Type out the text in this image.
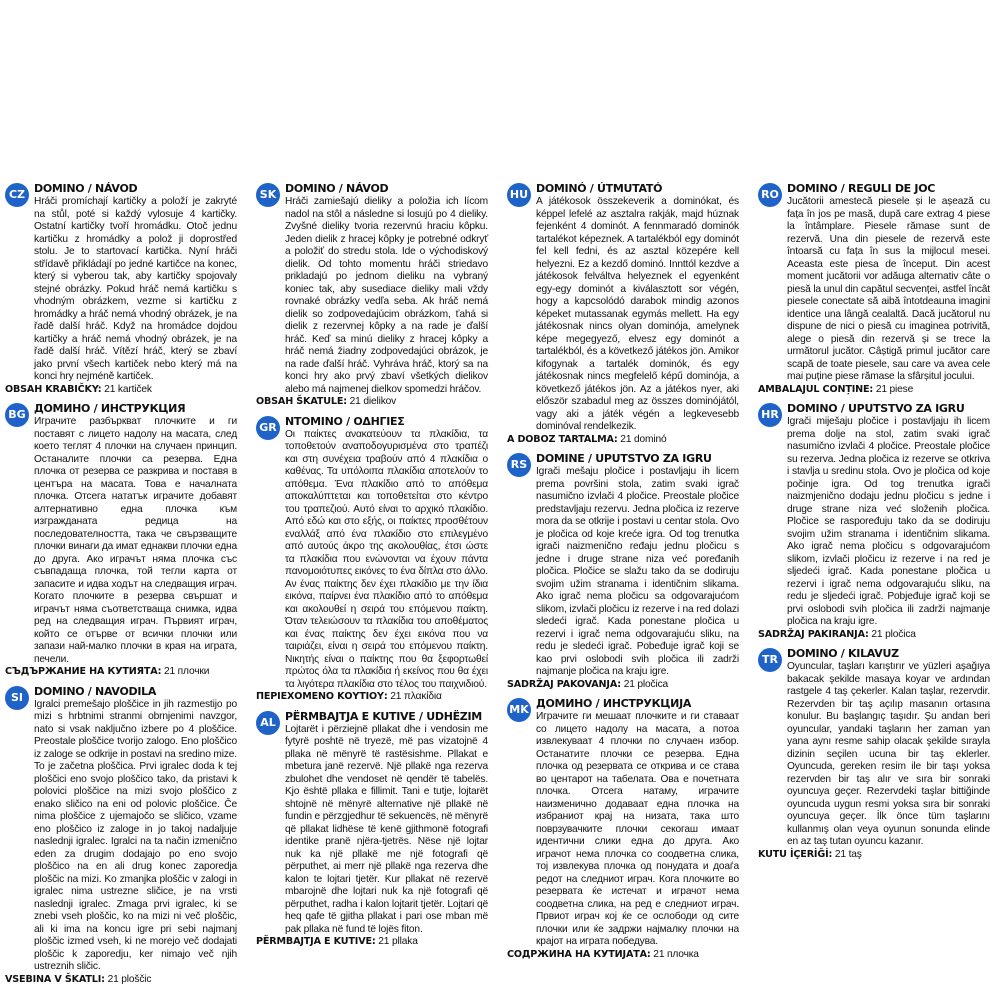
CZ DOMINO / NÁVOD
Hráči promíchají kartičky a položí je zakryté na stůl, poté si každý vylosuje 4 kartičky. Ostatní kartičky tvoří hromádku. Otoč jednu kartičku z hromádky a polož ji doprostřed stolu. Je to startovací kartička. Nyní hráči střídavě přikládají po jedné kartičce na konec, který si vyberou tak, aby kartičky spojovaly stejné obrázky. Pokud hráč nemá kartičku s vhodným obrázkem, vezme si kartičku z hromádky a hráč nemá vhodný obrázek, je na řadě další hráč. Když na hromádce dojdou kartičky a hráč nemá vhodný obrázek, je na řadě další hráč. Vítězí hráč, který se zbaví jako první všech kartiček nebo který má na konci hry nejméně kartiček.
OBSAH KRABIČKY: 21 kartiček
BG ДОМИНО / ИНСТРУКЦИЯ
Играчите разбъркват плочките и ги поставят с лицето надолу на масата, след което теглят 4 плочки на случаен принцип. Останалите плочки са резерва. Една плочка от резерва се разкрива и поставя в центъра на масата. Това е началната плочка. Отсега нататък играчите добавят алтернативно една плочка към изгражданата редица на последователността, така че свързващите плочки винаги да имат еднакви плочки една до друга. Ако играчът няма плочка със съвпадаща плочка, той тегли карта от запасите и идва ходът на следващия играч. Когато плочките в резерва свършат и играчът няма съответстваща снимка, идва ред на следващия играч. Първият играч, който се отърве от всички плочки или запази най-малко плочки в края на играта, печели.
СЪДЪРЖАНИЕ НА КУТИЯТА: 21 плочки
SI	DOMINO / NAVODILA
Igralci premešajo ploščice in jih razmestijo po mizi s hrbtnimi stranmi obrnjenimi navzgor, nato si vsak naključno izbere po 4 ploščice. Preostale ploščice tvorijo zalogo. Eno ploščico iz zaloge se odkrije in postavi na sredino mize. To je začetna ploščica. Prvi igralec doda k tej ploščici eno svojo ploščico tako, da pristavi k polovici ploščice na mizi svojo ploščico z enako sličico na eni od polovic ploščice. Če nima ploščice z ujemajočo se sličico, vzame eno ploščico iz zaloge in jo takoj nadaljuje naslednji igralec. Igralci na ta način izmenično eden za drugim dodajajo po eno svojo ploščico na en ali drug konec zaporedja ploščic na mizi. Ko zmanjka ploščic v zalogi in igralec nima ustrezne sličice, je na vrsti naslednji igralec. Zmaga prvi igralec, ki se znebi vseh ploščic, ko na mizi ni več ploščic, ali ki ima na koncu igre pri sebi najmanj ploščic izmed vseh, ki ne morejo več dodajati ploščic k zaporedju, ker nimajo več njih ustreznih sličic.
VSEBINA V ŠKATLI: 21 ploščic
SK DOMINO / NÁVOD
Hráči zamiešajú dieliky a položia ich lícom nadol na stôl a následne si losujú po 4 dieliky. Zvyšné dieliky tvoria rezervnú hraciu kôpku. Jeden dielik z hracej kôpky je potrebné odkryť a položiť do stredu stola. Ide o východiskový dielik. Od tohto momentu hráči striedavo prikladajú po jednom dieliku na vybraný koniec tak, aby susediace dieliky mali vždy rovnaké obrázky vedľa seba. Ak hráč nemá dielik so zodpovedajúcim obrázkom, ťahá si dielik z rezervnej kôpky a na rade je ďalší hráč. Keď sa minú dieliky z hracej kôpky a hráč nemá žiadny zodpovedajúci obrázok, je na rade ďalší hráč. Vyhráva hráč, ktorý sa na konci hry ako prvý zbaví všetkých dielikov alebo má najmenej dielkov spomedzi hráčov.
OBSAH ŠKATULE: 21 dielikov
GR ΝΤΟΜΙΝΟ / ΟΔΗΓΙΕΣ
Οι παίκτες ανακατεύουν τα πλακίδια, τα τοποθετούν αναποδογυρισμένα στο τραπέζι και στη συνέχεια τραβούν από 4 πλακίδια ο καθένας. Τα υπόλοιπα πλακίδια αποτελούν το απόθεμα. Ένα πλακίδιο από το απόθεμα αποκαλύπτεται και τοποθετείται στο κέντρο του τραπεζιού. Αυτό είναι το αρχικό πλακίδιο. Από εδώ και στο εξής, οι παίκτες προσθέτουν εναλλάξ από ένα πλακίδιο στο επιλεγμένο από αυτούς άκρο της ακολουθίας, έτσι ώστε τα πλακίδια που ενώνονται να έχουν πάντα πανομοιότυπες εικόνες το ένα δίπλα στο άλλο. Αν ένας παίκτης δεν έχει πλακίδιο με την ίδια εικόνα, παίρνει ένα πλακίδιο από το απόθεμα και ακολουθεί η σειρά του επόμενου παίκτη. Όταν τελειώσουν τα πλακίδια του αποθέματος και ένας παίκτης δεν έχει εικόνα που να ταιριάζει, είναι η σειρά του επόμενου παίκτη. Νικητής είναι ο παίκτης που θα ξεφορτωθεί πρώτος όλα τα πλακίδια ή εκείνος που θα έχει τα λιγότερα πλακίδια στο τέλος του παιχνιδιού.
ΠΕΡΙΕΧΟΜΕΝΟ ΚΟΥΤΙΟΥ: 21 πλακίδια
AL PËRMBAJTJA E KUTIVE / UDHËZIM
Lojtarët i përziejnë pllakat dhe i vendosin me fytyrë poshtë në tryezë, më pas vizatojnë 4 pllaka në mënyrë të rastësishme. Pllakat e mbetura janë rezervë. Një pllakë nga rezerva zbulohet dhe vendoset në qendër të tabelës. Kjo është pllaka e fillimit. Tani e tutje, lojtarët shtojnë në mënyrë alternative një pllakë në fundin e përzgjedhur të sekuencës, në mënyrë që pllakat lidhëse të kenë gjithmonë fotografi identike pranë njëra-tjetrës. Nëse një lojtar nuk ka një pllakë me një fotografi që përputhet, ai merr një pllakë nga rezerva dhe kalon te lojtari tjetër. Kur pllakat në rezervë mbarojnë dhe lojtari nuk ka një fotografi që përputhet, radha i kalon lojtarit tjetër. Lojtari që heq qafe të gjitha pllakat i pari ose mban më pak pllaka në fund të lojës fiton.
PËRMBAJTJA E KUTIVE: 21 pllaka
HU DOMINÓ / ÚTMUTATÓ
A játékosok összekeverik a dominókat, és képpel lefelé az asztalra rakják, majd húznak fejenként 4 dominót. A fennmaradó dominók tartalékot képeznek. A tartalékból egy dominót fel kell fedni, és az asztal közepére kell helyezni. Ez a kezdő dominó. Innttól kezdve a játékosok felváltva helyeznek el egyenként egy-egy dominót a kiválasztott sor végén, hogy a kapcsolódó darabok mindig azonos képeket mutassanak egymás mellett. Ha egy játékosnak nincs olyan dominója, amelynek képe megegyező, elvesz egy dominót a tartalékból, és a következő játékos jön. Amikor kifogynak a tartalék dominók, és egy játékosnak nincs megfelelő képű dominója, a következő játékos jön. Az a játékos nyer, aki először szabadul meg az összes dominójától, vagy aki a játék végén a legkevesebb dominóval rendelkezik.
A DOBOZ TARTALMA: 21 dominó
RS DOMINE / UPUTSTVO ZA IGRU
Igrači mešaju pločice i postavljaju ih licem prema površini stola, zatim svaki igrač nasumično izvlači 4 pločice. Preostale pločice predstavljaju rezervu. Jedna pločica iz rezerve mora da se otkrije i postavi u centar stola. Ovo je pločica od koje kreće igra. Od tog trenutka igrači naizmenično ređaju jednu pločicu s jedne i druge strane niza već poređanih pločica. Pločice se slažu tako da se dodiruju svojim užim stranama i identičnim slikama. Ako igrač nema pločicu sa odgovarajućom slikom, izvlači pločicu iz rezerve i na red dolazi sledeći igrač. Kada ponestane pločica u rezervi i igrač nema odgovarajuću sliku, na redu je sledeći igrač. Pobeđuje igrač koji se kao prvi oslobodi svih pločica ili zadrži najmanje pločica na kraju igre.
SADRŽAJ PAKOVANJA: 21 pločica
MK ДОМИНО / ИНСТРУКЦИЈА
Играчите ги мешаат плочките и ги ставаат со лицето надолу на масата, а потоа извлекуваат 4 плочки по случаен избор. Останатите плочки се резерва. Една плочка од резервата се открива и се става во центарот на табелата. Ова е почетната плочка. Отсега натаму, играчите наизменично додаваат една плочка на избраниот крај на низата, така што поврзувачките плочки секогаш имаат идентични слики една до друга. Ако играчот нема плочка со соодветна слика, тој извлекува плочка од понудата и доаѓа редот на следниот играч. Кога плочките во резервата ќе истечат и играчот нема соодветна слика, на ред е следниот играч. Првиот играч кој ќе се ослободи од сите плочки или ќе задржи најмалку плочки на крајот на играта победува.
СОДРЖИНА НА КУТИЈАТА: 21 плочка
RO DOMINO / REGULI DE JOC
Jucătorii amestecă piesele și le așează cu fața în jos pe masă, după care extrag 4 piese la întâmplare. Piesele rămase sunt de rezervă. Una din piesele de rezervă este întoarsă cu fața în sus la mijlocul mesei. Aceasta este piesa de început. Din acest moment jucătorii vor adăuga alternativ câte o piesă la unul din capătul secvenței, astfel încât piesele conectate să aibă întotdeauna imagini identice una lângă cealaltă. Dacă jucătorul nu dispune de nici o piesă cu imaginea potrivită, alege o piesă din rezervă și se trece la următorul jucător. Câștigă primul jucător care scapă de toate piesele, sau care va avea cele mai puține piese rămase la sfârșitul jocului.
AMBALAJUL CONȚINE: 21 piese
HR DOMINO / UPUTSTVO ZA IGRU
Igrači miješaju pločice i postavljaju ih licem prema dolje na stol, zatim svaki igrač nasumično izvlači 4 pločice. Preostale pločice su rezerva. Jedna pločica iz rezerve se otkriva i stavlja u sredinu stola. Ovo je pločica od koje počinje igra. Od tog trenutka igrači naizmjenično dodaju jednu pločicu s jedne i druge strane niza već složenih pločica. Pločice se raspoređuju tako da se dodiruju svojim užim stranama i identičnim slikama. Ako igrač nema pločicu s odgovarajućom slikom, izvlači pločicu iz rezerve i na red je sljedeći igrač. Kada ponestane pločica u rezervi i igrač nema odgovarajuću sliku, na redu je sljedeći igrač. Pobjeđuje igrač koji se prvi oslobodi svih pločica ili zadrži najmanje pločica na kraju igre.
SADRŽAJ PAKIRANJA: 21 pločica
TR DOMINO / KILAVUZ
Oyuncular, taşları karıştırır ve yüzleri aşağıya bakacak şekilde masaya koyar ve ardından rastgele 4 taş çekerler. Kalan taşlar, rezervdir. Rezervden bir taş açılıp masanın ortasına konulur. Bu başlangıç taşıdır. Şu andan beri oyuncular, yandaki taşların her zaman yan yana aynı resme sahip olacak şekilde sırayla dizinin seçilen ucuna bir taş eklerler. Oyuncuda, gereken resim ile bir taşı yoksa rezervden bir taş alır ve sıra bir sonraki oyuncuya geçer. Rezervdeki taşlar bittiğinde oyuncuda uygun resmi yoksa sıra bir sonraki oyuncuya geçer. İlk önce tüm taşlarını kullanmış olan veya oyunun sonunda elinde en az taş tutan oyuncu kazanır.
KUTU İÇERİĞİ: 21 taş
